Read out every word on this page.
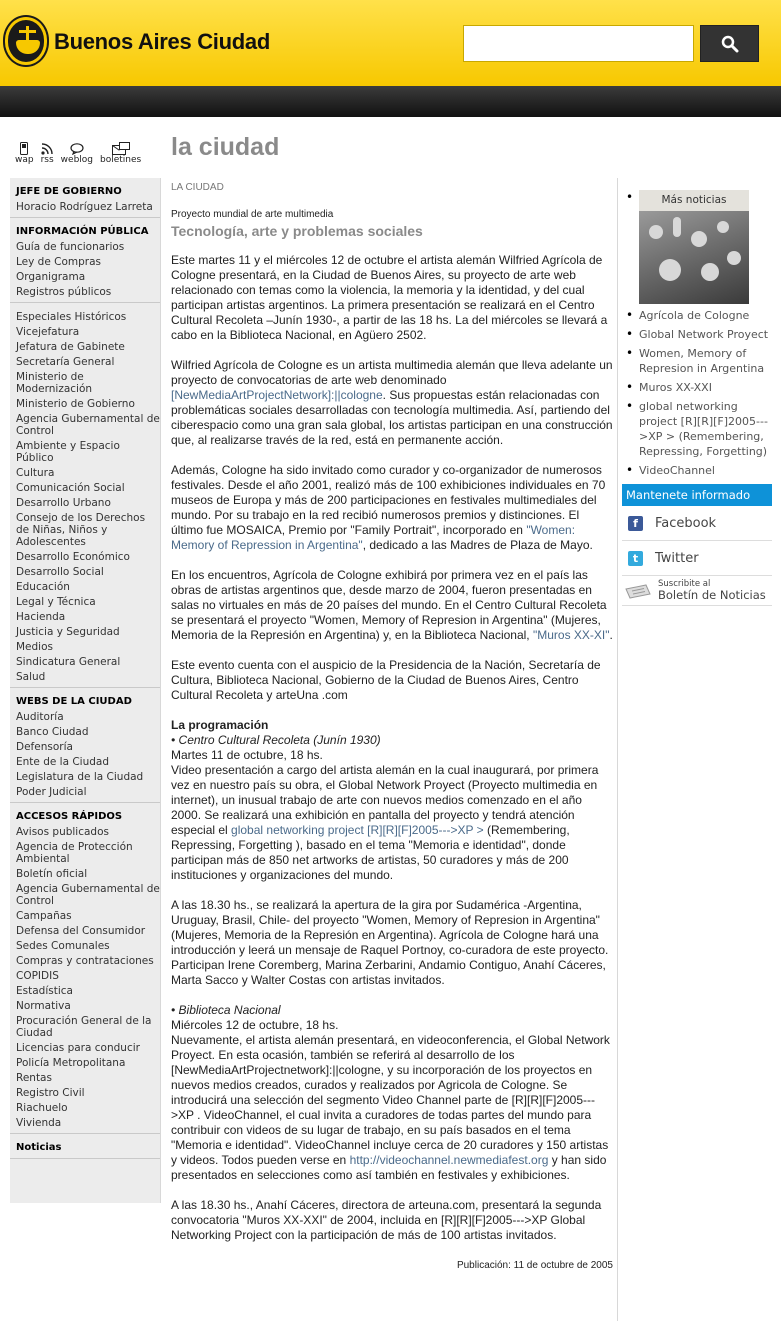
Buenos Aires Ciudad
wap rss weblog boletines la ciudad
JEFE DE GOBIERNO
Horacio Rodríguez Larreta
INFORMACIÓN PÚBLICA
Guía de funcionarios
Ley de Compras
Organigrama
Registros públicos
Especiales Históricos
Vicejefatura
Jefatura de Gabinete
Secretaría General
Ministerio de Modernización
Ministerio de Gobierno
Agencia Gubernamental de Control
Ambiente y Espacio Público
Cultura
Comunicación Social
Desarrollo Urbano
Consejo de los Derechos de Niñas, Niños y Adolescentes
Desarrollo Económico
Desarrollo Social
Educación
Legal y Técnica
Hacienda
Justicia y Seguridad
Medios
Sindicatura General
Salud
WEBS DE LA CIUDAD
Auditoría
Banco Ciudad
Defensoría
Ente de la Ciudad
Legislatura de la Ciudad
Poder Judicial
ACCESOS RÁPIDOS
Avisos publicados
Agencia de Protección Ambiental
Boletín oficial
Agencia Gubernamental de Control
Campañas
Defensa del Consumidor
Sedes Comunales
Compras y contrataciones
COPIDIS
Estadística
Normativa
Procuración General de la Ciudad
Licencias para conducir
Policía Metropolitana
Rentas
Registro Civil
Riachuelo
Vivienda
Noticias
LA CIUDAD
Proyecto mundial de arte multimedia
Tecnología, arte y problemas sociales

Este martes 11 y el miércoles 12 de octubre el artista alemán Wilfried Agrícola de Cologne presentará, en la Ciudad de Buenos Aires, su proyecto de arte web relacionado con temas como la violencia, la memoria y la identidad, y del cual participan artistas argentinos. La primera presentación se realizará en el Centro Cultural Recoleta –Junín 1930-, a partir de las 18 hs. La del miércoles se llevará a cabo en la Biblioteca Nacional, en Agüero 2502.

Wilfried Agrícola de Cologne es un artista multimedia alemán que lleva adelante un proyecto de convocatorias de arte web denominado [NewMediaArtProjectNetwork]:||cologne. Sus propuestas están relacionadas con problemáticas sociales desarrolladas con tecnología multimedia. Así, partiendo del ciberespacio como una gran sala global, los artistas participan en una construcción que, al realizarse través de la red, está en permanente acción.

Además, Cologne ha sido invitado como curador y co-organizador de numerosos festivales. Desde el año 2001, realizó más de 100 exhibiciones individuales en 70 museos de Europa y más de 200 participaciones en festivales multimediales del mundo. Por su trabajo en la red recibió numerosos premios y distinciones. El último fue MOSAICA, Premio por "Family Portrait", incorporado en "Women: Memory of Repression in Argentina", dedicado a las Madres de Plaza de Mayo.

En los encuentros, Agrícola de Cologne exhibirá por primera vez en el país las obras de artistas argentinos que, desde marzo de 2004, fueron presentadas en salas no virtuales en más de 20 países del mundo. En el Centro Cultural Recoleta se presentará el proyecto "Women, Memory of Represion in Argentina" (Mujeres, Memoria de la Represión en Argentina) y, en la Biblioteca Nacional, "Muros XX-XI".

Este evento cuenta con el auspicio de la Presidencia de la Nación, Secretaría de Cultura, Biblioteca Nacional, Gobierno de la Ciudad de Buenos Aires, Centro Cultural Recoleta y arteUna .com

La programación
• Centro Cultural Recoleta (Junín 1930)
Martes 11 de octubre, 18 hs.
Video presentación a cargo del artista alemán en la cual inaugurará, por primera vez en nuestro país su obra, el Global Network Proyect (Proyecto multimedia en internet), un inusual trabajo de arte con nuevos medios comenzado en el año 2000. Se realizará una exhibición en pantalla del proyecto y tendrá atención especial el global networking project [R][R][F]2005--->XP > (Remembering, Repressing, Forgetting ), basado en el tema "Memoria e identidad", donde participan más de 850 net artworks de artistas, 50 curadores y más de 200 instituciones y organizaciones del mundo.

A las 18.30 hs., se realizará la apertura de la gira por Sudamérica -Argentina, Uruguay, Brasil, Chile- del proyecto "Women, Memory of Represion in Argentina" (Mujeres, Memoria de la Represión en Argentina). Agrícola de Cologne hará una introducción y leerá un mensaje de Raquel Portnoy, co-curadora de este proyecto. Participan Irene Coremberg, Marina Zerbarini, Andamio Contiguo, Anahí Cáceres, Marta Sacco y Walter Costas con artistas invitados.

• Biblioteca Nacional
Miércoles 12 de octubre, 18 hs.
Nuevamente, el artista alemán presentará, en videoconferencia, el Global Network Proyect. En esta ocasión, también se referirá al desarrollo de los [NewMediaArtProjectnetwork]:||cologne, y su incorporación de los proyectos en nuevos medios creados, curados y realizados por Agricola de Cologne. Se introducirá una selección del segmento Video Channel parte de [R][R][F]2005--->XP . VideoChannel, el cual invita a curadores de todas partes del mundo para contribuir con videos de su lugar de trabajo, en su país basados en el tema "Memoria e identidad". VideoChannel incluye cerca de 20 curadores y 150 artistas y videos. Todos pueden verse en http://videochannel.newmediafest.org y han sido presentados en selecciones como así también en festivales y exhibiciones.

A las 18.30 hs., Anahí Cáceres, directora de arteuna.com, presentará la segunda convocatoria "Muros XX-XXI" de 2004, incluida en [R][R][F]2005--->XP Global Networking Project con la participación de más de 100 artistas invitados.

Publicación: 11 de octubre de 2005
• Más noticias
• Agrícola de Cologne
• Global Network Proyect
• Women, Memory of Represion in Argentina
• Muros XX-XXI
• global networking project [R][R][F]2005--->XP > (Remembering, Repressing, Forgetting)
• VideoChannel
Mantenete informado
f	Facebook
t	Twitter
Suscribite al
Boletín de Noticias
